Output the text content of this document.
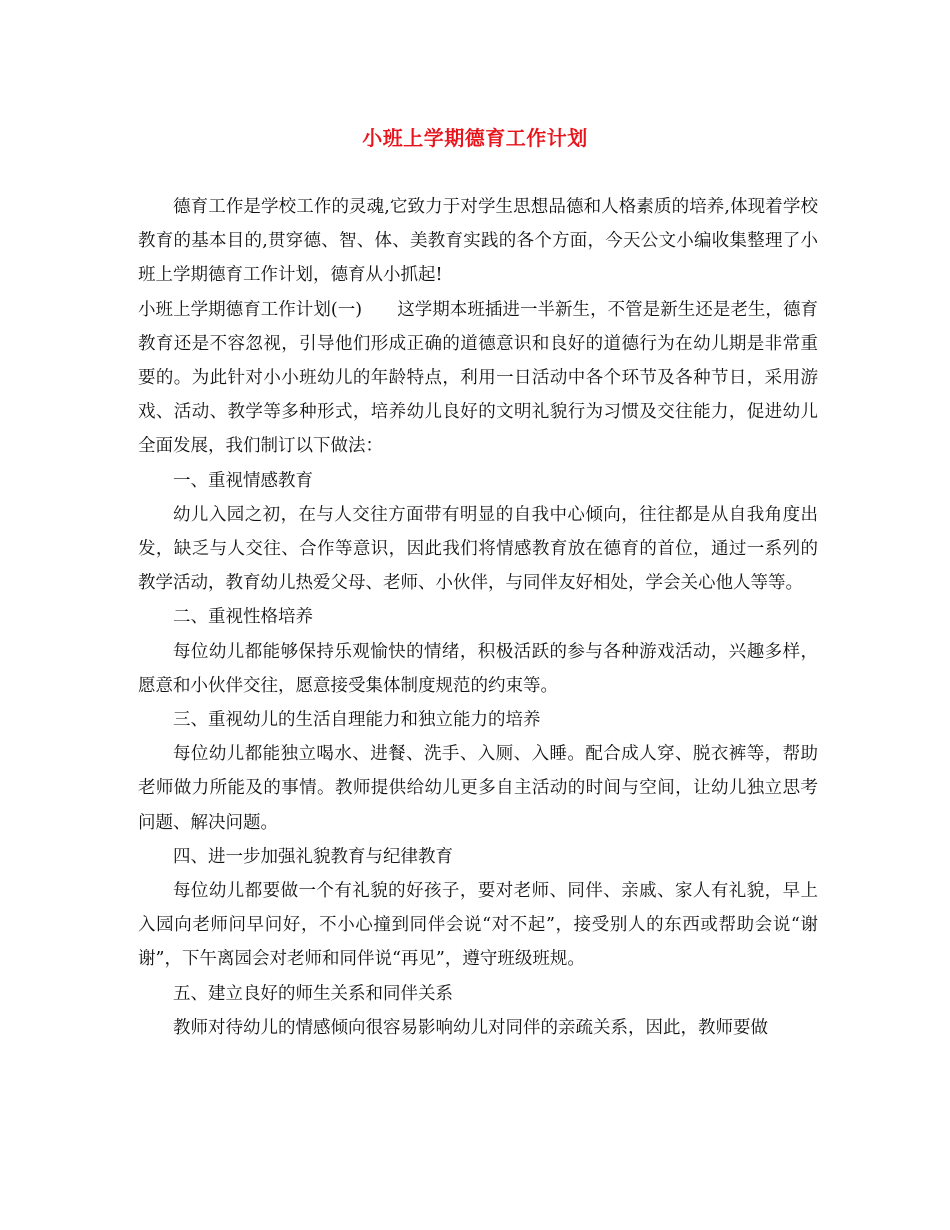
小班上学期德育工作计划

德育工作是学校工作的灵魂,它致力于对学生思想品德和人格素质的培养,体现着学校教育的基本目的,贯穿德、智、体、美教育实践的各个方面，今天公文小编收集整理了小班上学期德育工作计划，德育从小抓起!

小班上学期德育工作计划(一)　　这学期本班插进一半新生，不管是新生还是老生，德育教育还是不容忽视，引导他们形成正确的道德意识和良好的道德行为在幼儿期是非常重要的。为此针对小小班幼儿的年龄特点，利用一日活动中各个环节及各种节日，采用游戏、活动、教学等多种形式，培养幼儿良好的文明礼貌行为习惯及交往能力，促进幼儿全面发展，我们制订以下做法：

一、重视情感教育

幼儿入园之初，在与人交往方面带有明显的自我中心倾向，往往都是从自我角度出发，缺乏与人交往、合作等意识，因此我们将情感教育放在德育的首位，通过一系列的教学活动，教育幼儿热爱父母、老师、小伙伴，与同伴友好相处，学会关心他人等等。

二、重视性格培养

每位幼儿都能够保持乐观愉快的情绪，积极活跃的参与各种游戏活动，兴趣多样，愿意和小伙伴交往，愿意接受集体制度规范的约束等。

三、重视幼儿的生活自理能力和独立能力的培养

每位幼儿都能独立喝水、进餐、洗手、入厕、入睡。配合成人穿、脱衣裤等，帮助老师做力所能及的事情。教师提供给幼儿更多自主活动的时间与空间，让幼儿独立思考问题、解决问题。

四、进一步加强礼貌教育与纪律教育

每位幼儿都要做一个有礼貌的好孩子，要对老师、同伴、亲戚、家人有礼貌，早上入园向老师问早问好，不小心撞到同伴会说“对不起”，接受别人的东西或帮助会说“谢谢”，下午离园会对老师和同伴说“再见”，遵守班级班规。

五、建立良好的师生关系和同伴关系

教师对待幼儿的情感倾向很容易影响幼儿对同伴的亲疏关系，因此，教师要做
